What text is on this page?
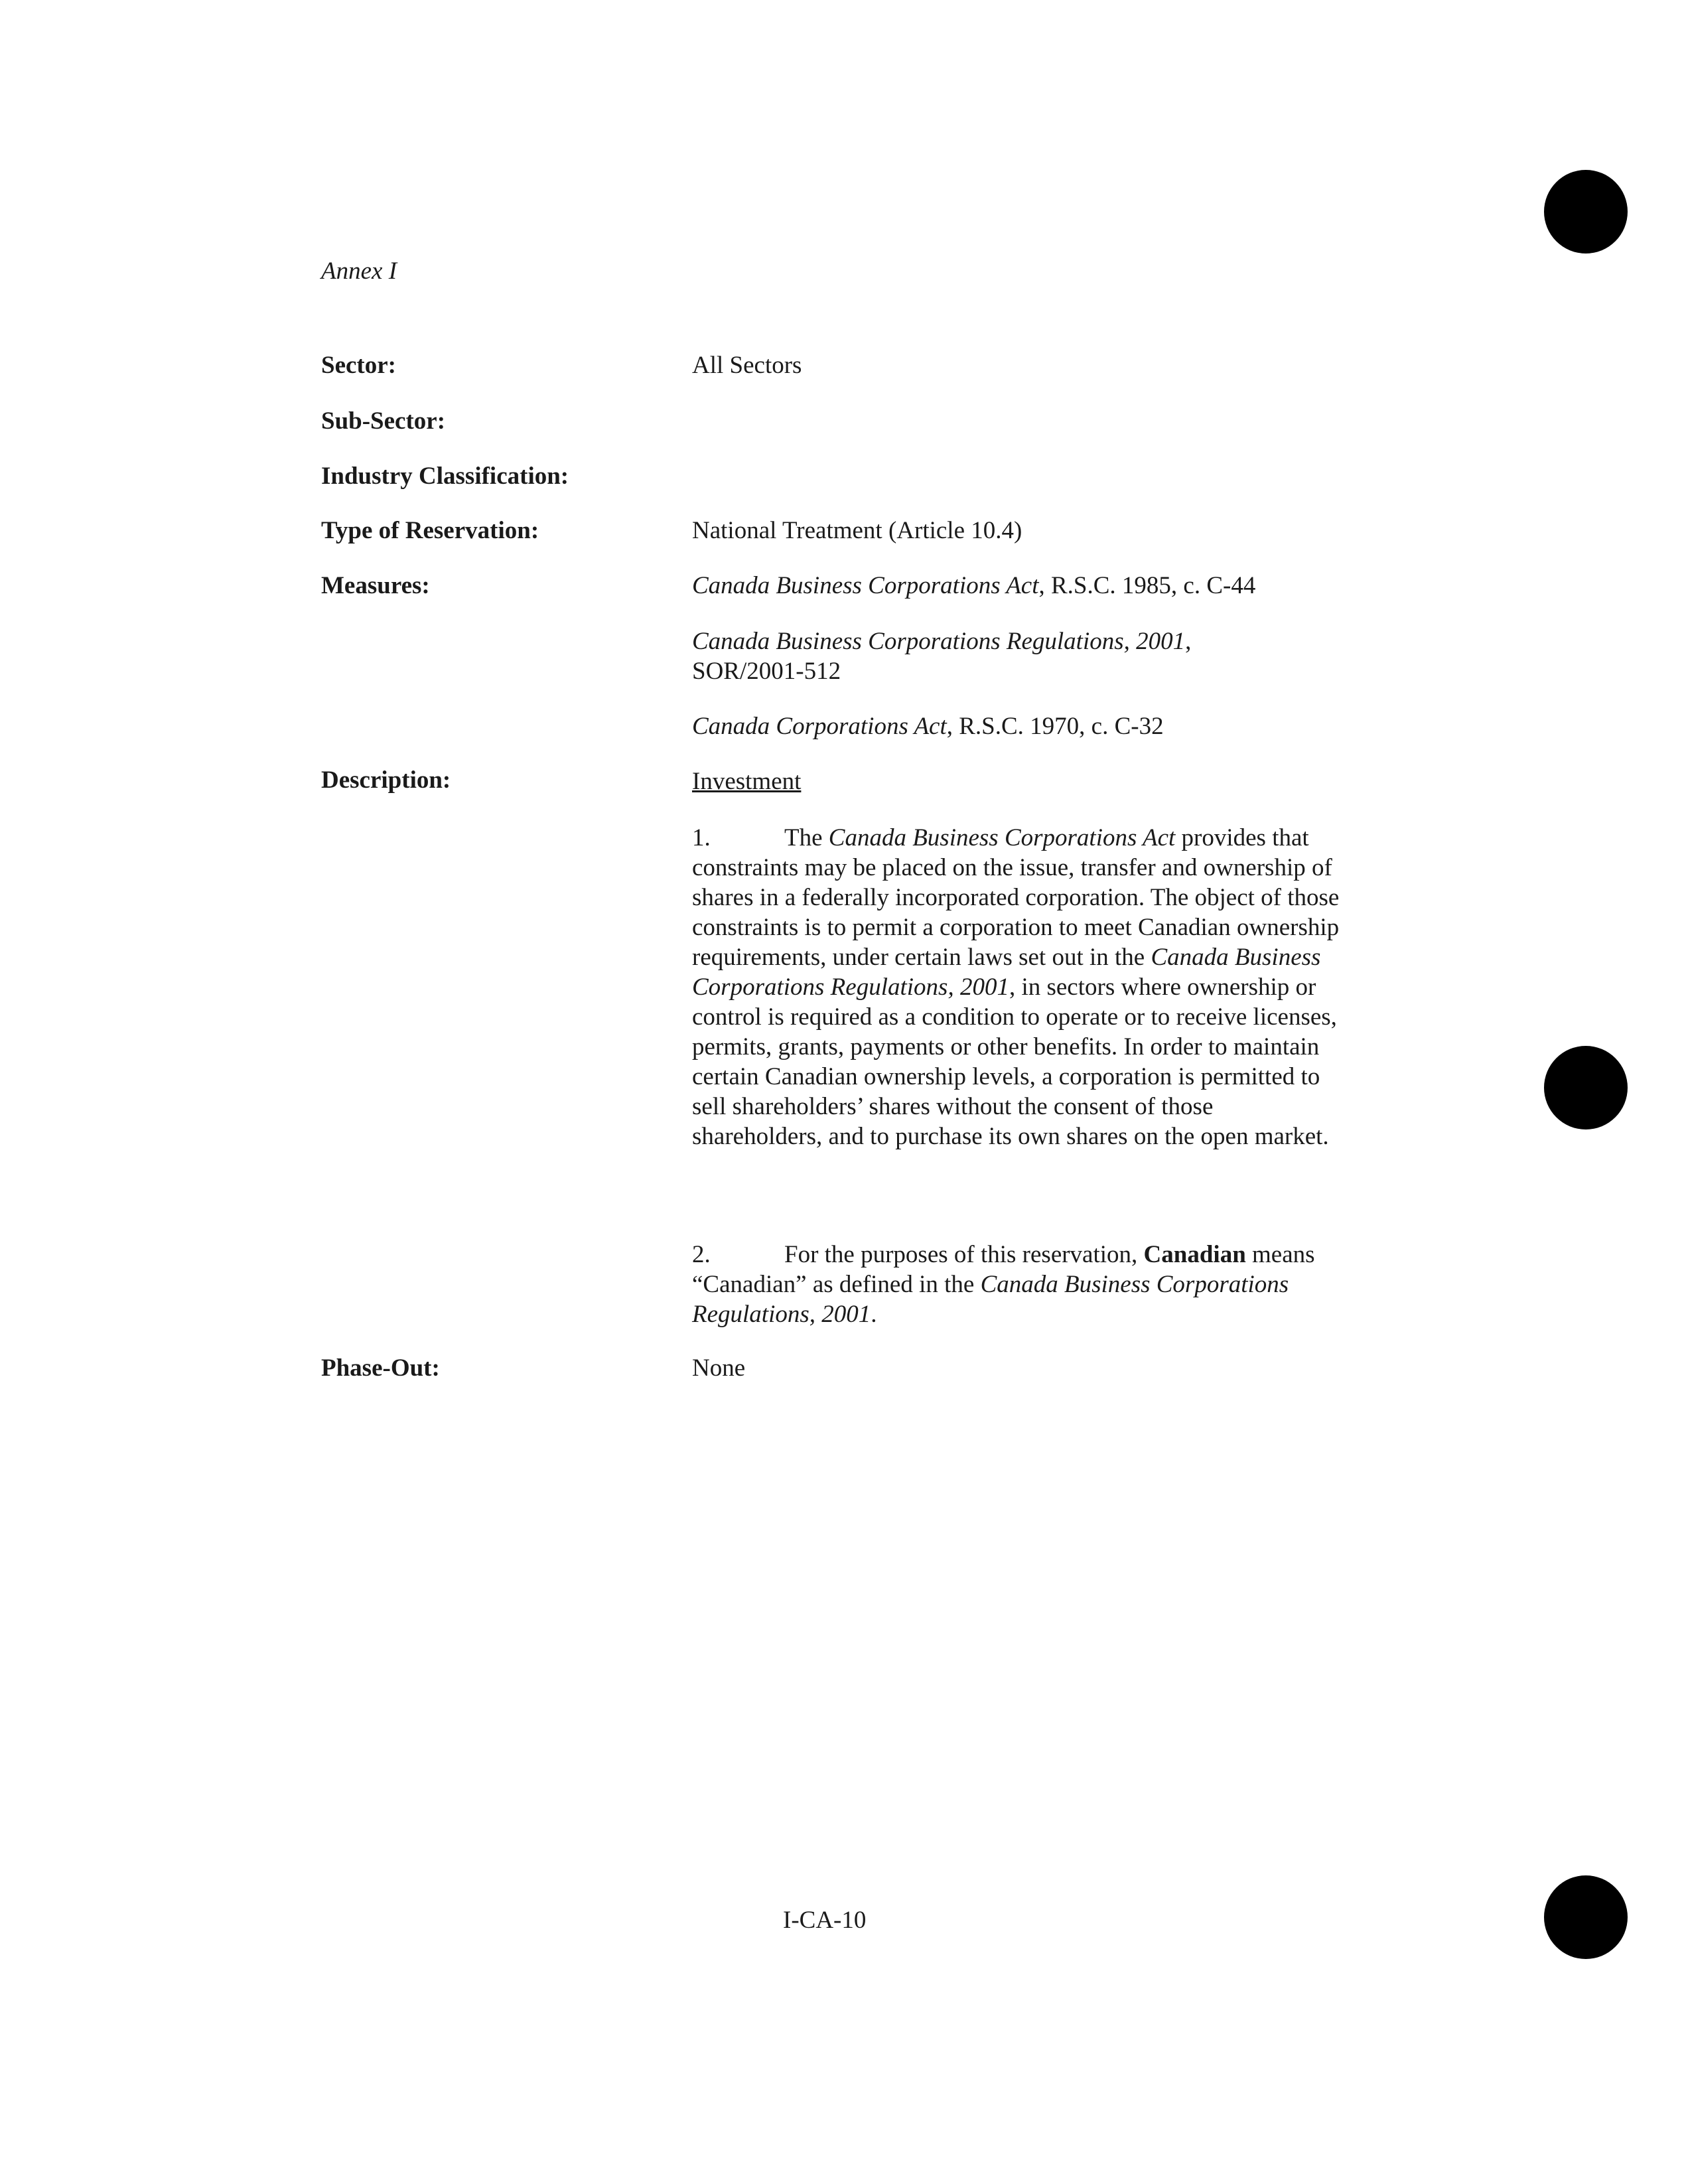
Annex I
Sector:	All Sectors
Sub-Sector:
Industry Classification:
Type of Reservation:	National Treatment (Article 10.4)
Measures:	Canada Business Corporations Act, R.S.C. 1985, c. C-44
Canada Business Corporations Regulations, 2001, SOR/2001-512
Canada Corporations Act, R.S.C. 1970, c. C-32
Description:	Investment
1.	The Canada Business Corporations Act provides that constraints may be placed on the issue, transfer and ownership of shares in a federally incorporated corporation. The object of those constraints is to permit a corporation to meet Canadian ownership requirements, under certain laws set out in the Canada Business Corporations Regulations, 2001, in sectors where ownership or control is required as a condition to operate or to receive licenses, permits, grants, payments or other benefits. In order to maintain certain Canadian ownership levels, a corporation is permitted to sell shareholders’ shares without the consent of those shareholders, and to purchase its own shares on the open market.
2.	For the purposes of this reservation, Canadian means “Canadian” as defined in the Canada Business Corporations Regulations, 2001.
Phase-Out:	None
I-CA-10
